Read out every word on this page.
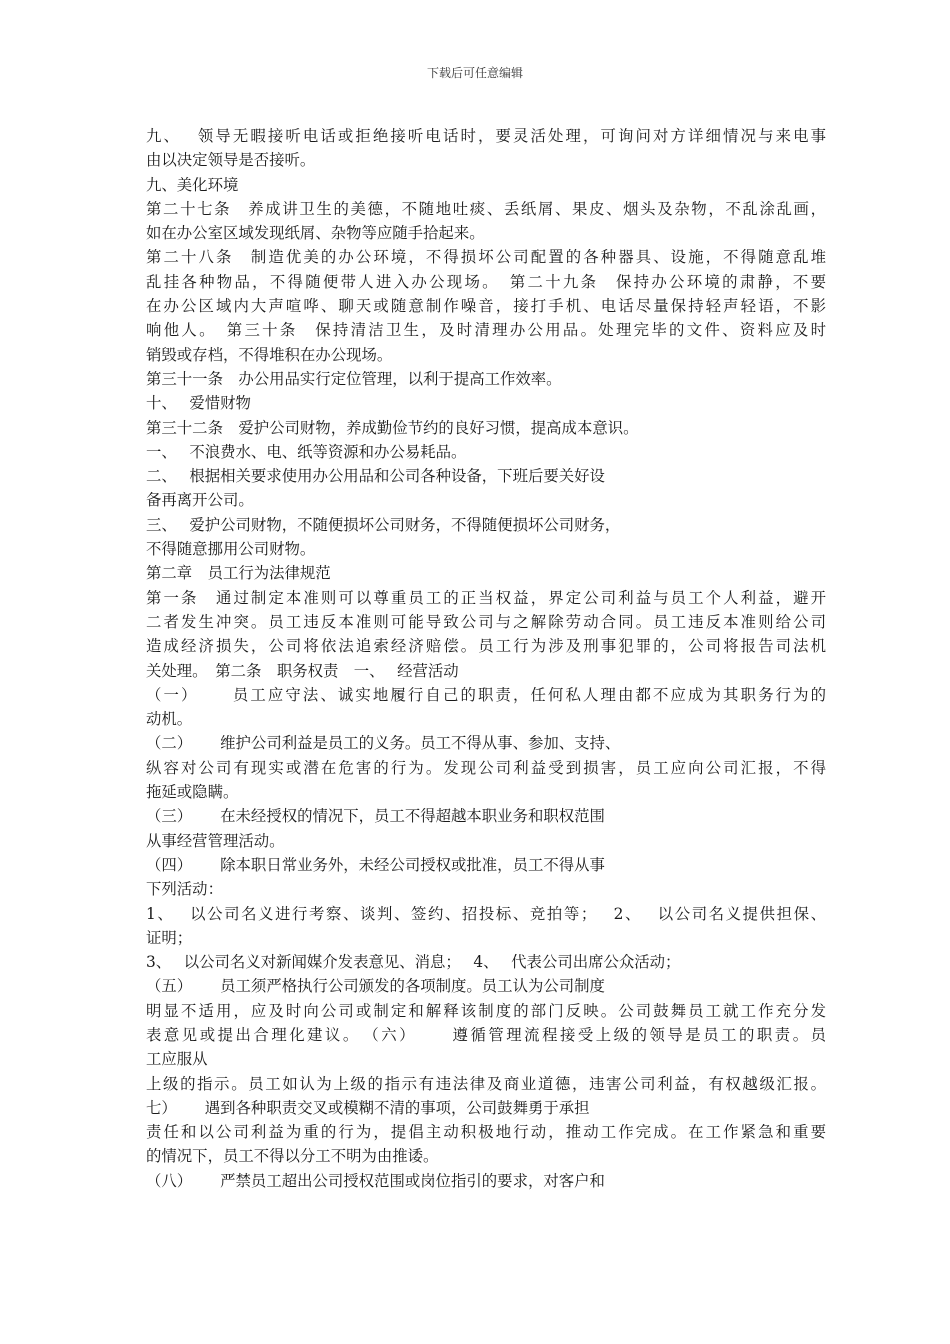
下载后可任意编辑
九、　 领导无暇接听电话或拒绝接听电话时，要灵活处理，可询问对方详细情况与来电事
由以决定领导是否接听。
九、美化环境
第二十七条　养成讲卫生的美德，不随地吐痰、丢纸屑、果皮、烟头及杂物，不乱涂乱画，
如在办公室区域发现纸屑、杂物等应随手拾起来。
第二十八条　制造优美的办公环境，不得损坏公司配置的各种器具、设施，不得随意乱堆
乱挂各种物品，不得随便带人进入办公现场。　第二十九条　保持办公环境的肃静，不要
在办公区域内大声喧哗、聊天或随意制作噪音，接打手机、电话尽量保持轻声轻语，不影
响他人。　第三十条　保持清洁卫生，及时清理办公用品。处理完毕的文件、资料应及时
销毁或存档，不得堆积在办公现场。
第三十一条　办公用品实行定位管理，以利于提高工作效率。
十、　 爱惜财物
第三十二条　爱护公司财物，养成勤俭节约的良好习惯，提高成本意识。
一、　 不浪费水、电、纸等资源和办公易耗品。
二、　 根据相关要求使用办公用品和公司各种设备，下班后要关好设
备再离开公司。
三、　 爱护公司财物，不随便损坏公司财务，不得随便损坏公司财务，
不得随意挪用公司财物。
第二章　员工行为法律规范
第一条　通过制定本准则可以尊重员工的正当权益，界定公司利益与员工个人利益，避开
二者发生冲突。员工违反本准则可能导致公司与之解除劳动合同。员工违反本准则给公司
造成经济损失，公司将依法追索经济赔偿。员工行为涉及刑事犯罪的，公司将报告司法机
关处理。　第二条　职务权责　一、　 经营活动
（一）　　 员工应守法、诚实地履行自己的职责，任何私人理由都不应成为其职务行为的
动机。
（二）　　 维护公司利益是员工的义务。员工不得从事、参加、支持、
纵容对公司有现实或潜在危害的行为。发现公司利益受到损害，员工应向公司汇报，不得
拖延或隐瞒。
（三）　　 在未经授权的情况下，员工不得超越本职业务和职权范围
从事经营管理活动。
（四）　　 除本职日常业务外，未经公司授权或批准，员工不得从事
下列活动：
1、　 以公司名义进行考察、谈判、签约、招投标、竞拍等；　 2、　 以公司名义提供担保、
证明；
3、　 以公司名义对新闻媒介发表意见、消息；　 4、　 代表公司出席公众活动；
（五）　　 员工须严格执行公司颁发的各项制度。员工认为公司制度
明显不适用，应及时向公司或制定和解释该制度的部门反映。公司鼓舞员工就工作充分发
表意见或提出合理化建议。　（六）　　 遵循管理流程接受上级的领导是员工的职责。员
工应服从
上级的指示。员工如认为上级的指示有违法律及商业道德，违害公司利益，有权越级汇报。
七）　　 遇到各种职责交叉或模糊不清的事项，公司鼓舞勇于承担
责任和以公司利益为重的行为，提倡主动积极地行动，推动工作完成。在工作紧急和重要
的情况下，员工不得以分工不明为由推诿。
（八）　　 严禁员工超出公司授权范围或岗位指引的要求，对客户和
